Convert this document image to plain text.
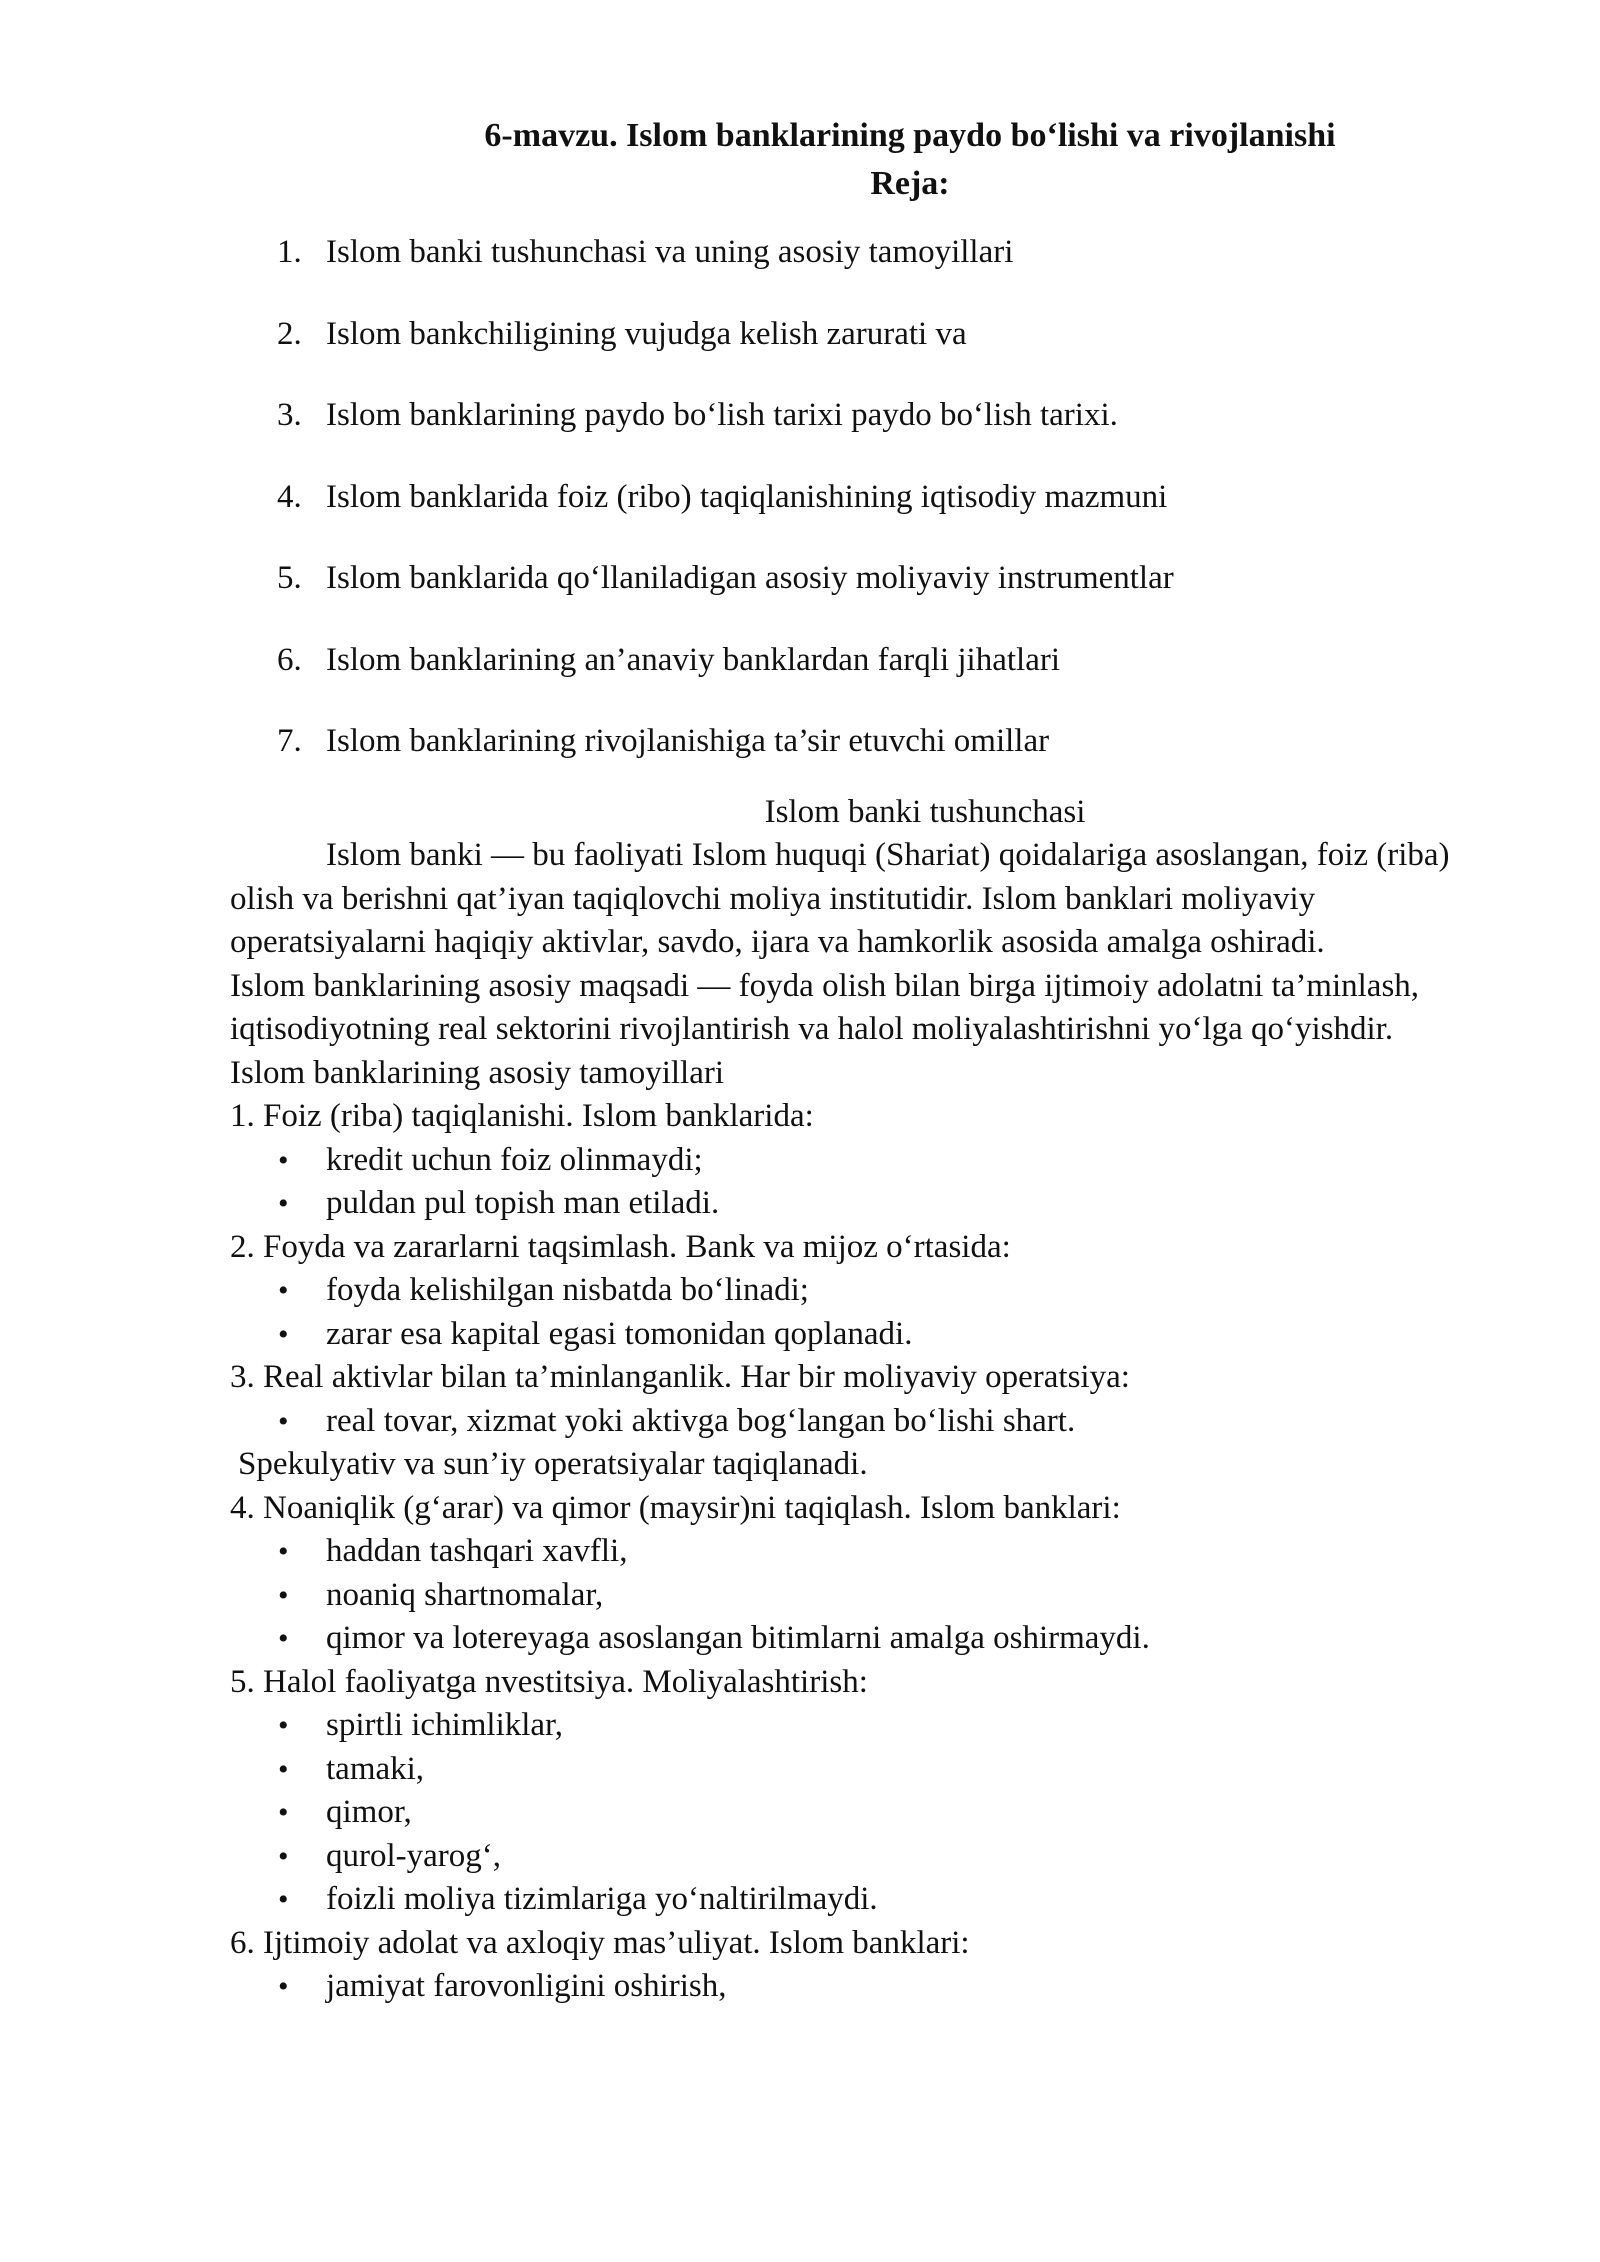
6-mavzu. Islom banklarining paydo bo‘lishi va rivojlanishi

Reja:

1. Islom banki tushunchasi va uning asosiy tamoyillari
2. Islom bankchiligining vujudga kelish zarurati va
3. Islom banklarining paydo bo‘lish tarixi paydo bo‘lish tarixi.
4. Islom banklarida foiz (ribo) taqiqlanishining iqtisodiy mazmuni
5. Islom banklarida qo‘llaniladigan asosiy moliyaviy instrumentlar
6. Islom banklarining an’anaviy banklardan farqli jihatlari
7. Islom banklarining rivojlanishiga ta’sir etuvchi omillar

Islom banki tushunchasi

Islom banki — bu faoliyati Islom huquqi (Shariat) qoidalariga asoslangan, foiz (riba) olish va berishni qat’iyan taqiqlovchi moliya institutidir. Islom banklari moliyaviy operatsiyalarni haqiqiy aktivlar, savdo, ijara va hamkorlik asosida amalga oshiradi.

Islom banklarining asosiy maqsadi — foyda olish bilan birga ijtimoiy adolatni ta’minlash, iqtisodiyotning real sektorini rivojlantirish va halol moliyalashtirishni yo‘lga qo‘yishdir.

Islom banklarining asosiy tamoyillari

1. Foiz (riba) taqiqlanishi. Islom banklarida:

• kredit uchun foiz olinmaydi;
• puldan pul topish man etiladi.

2. Foyda va zararlarni taqsimlash. Bank va mijoz o‘rtasida:

• foyda kelishilgan nisbatda bo‘linadi;
• zarar esa kapital egasi tomonidan qoplanadi.

3. Real aktivlar bilan ta’minlanganlik. Har bir moliyaviy operatsiya:

• real tovar, xizmat yoki aktivga bog‘langan bo‘lishi shart.

Spekulyativ va sun’iy operatsiyalar taqiqlanadi.

4. Noaniqlik (g‘arar) va qimor (maysir)ni taqiqlash. Islom banklari:

• haddan tashqari xavfli,
• noaniq shartnomalar,
• qimor va lotereyaga asoslangan bitimlarni amalga oshirmaydi.

5. Halol faoliyatga nvestitsiya. Moliyalashtirish:

• spirtli ichimliklar,
• tamaki,
• qimor,
• qurol-yarog‘,
• foizli moliya tizimlariga yo‘naltirilmaydi.

6. Ijtimoiy adolat va axloqiy mas’uliyat. Islom banklari:

• jamiyat farovonligini oshirish,
